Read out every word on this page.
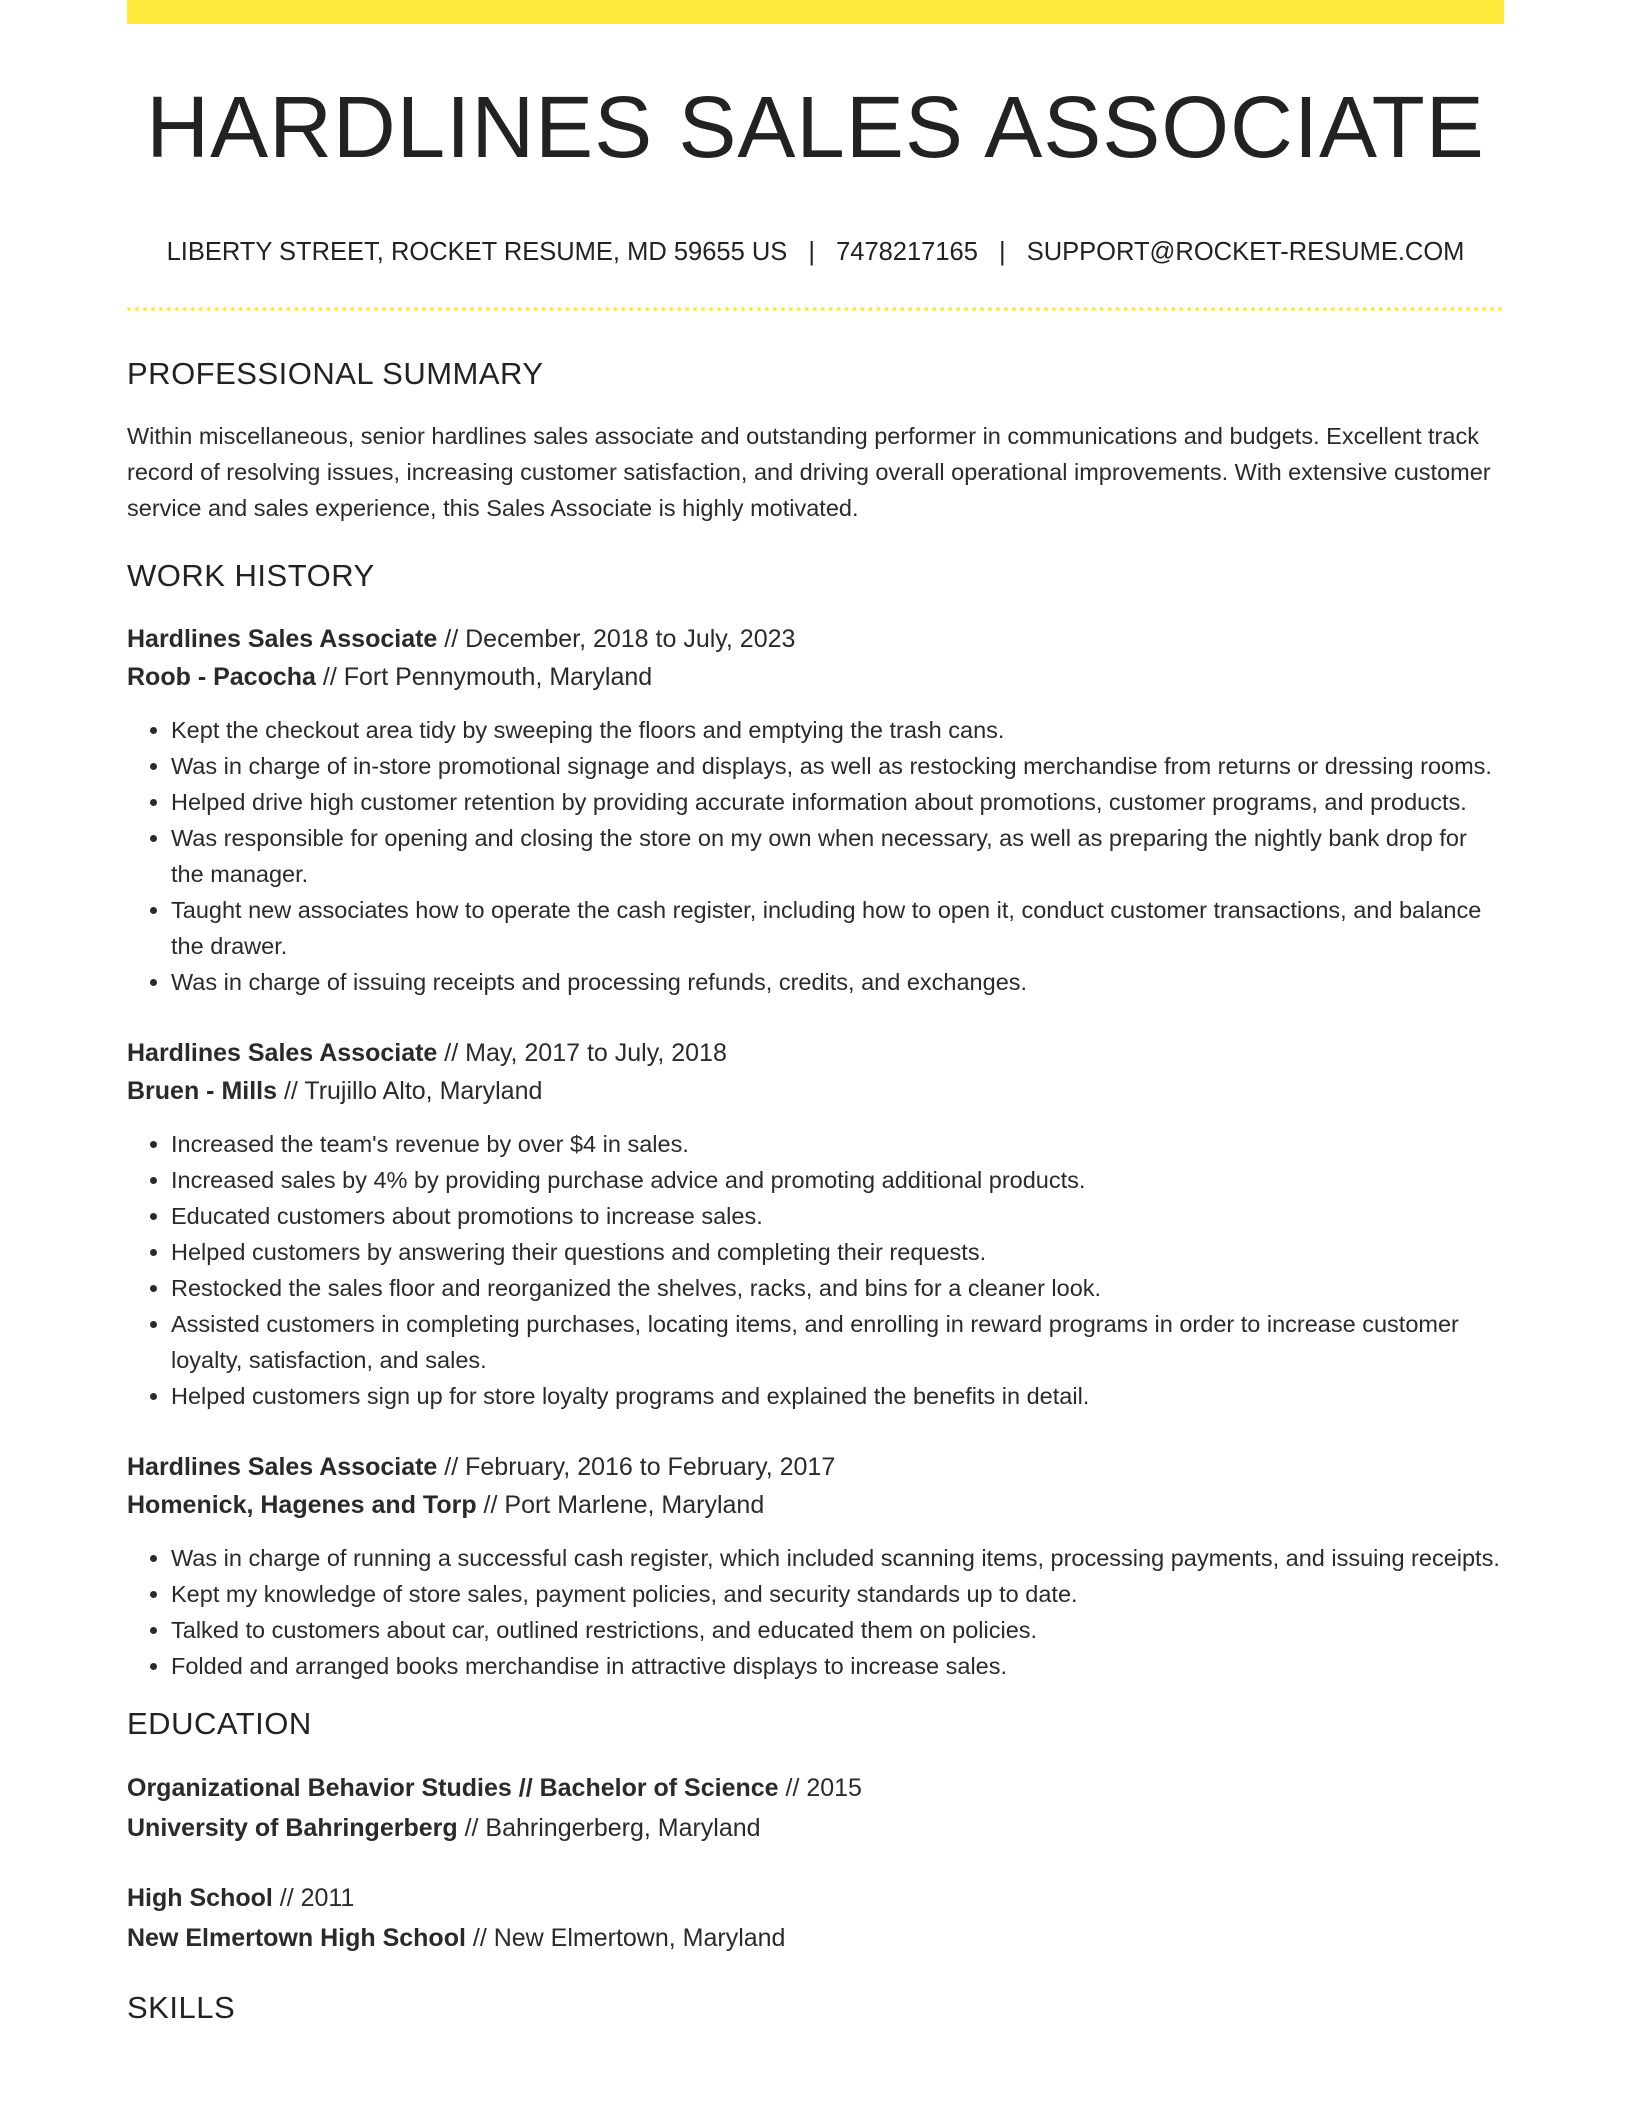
HARDLINES SALES ASSOCIATE
LIBERTY STREET, ROCKET RESUME, MD 59655 US | 7478217165 | SUPPORT@ROCKET-RESUME.COM
PROFESSIONAL SUMMARY

Within miscellaneous, senior hardlines sales associate and outstanding performer in communications and budgets. Excellent track record of resolving issues, increasing customer satisfaction, and driving overall operational improvements. With extensive customer service and sales experience, this Sales Associate is highly motivated.

WORK HISTORY
Hardlines Sales Associate // December, 2018 to July, 2023
Roob - Pacocha // Fort Pennymouth, Maryland
• Kept the checkout area tidy by sweeping the floors and emptying the trash cans.
• Was in charge of in-store promotional signage and displays, as well as restocking merchandise from returns or dressing rooms.
• Helped drive high customer retention by providing accurate information about promotions, customer programs, and products.
• Was responsible for opening and closing the store on my own when necessary, as well as preparing the nightly bank drop for the manager.
• Taught new associates how to operate the cash register, including how to open it, conduct customer transactions, and balance the drawer.
• Was in charge of issuing receipts and processing refunds, credits, and exchanges.
Hardlines Sales Associate // May, 2017 to July, 2018
Bruen - Mills // Trujillo Alto, Maryland
• Increased the team's revenue by over $4 in sales.
• Increased sales by 4% by providing purchase advice and promoting additional products.
• Educated customers about promotions to increase sales.
• Helped customers by answering their questions and completing their requests.
• Restocked the sales floor and reorganized the shelves, racks, and bins for a cleaner look.
• Assisted customers in completing purchases, locating items, and enrolling in reward programs in order to increase customer loyalty, satisfaction, and sales.
• Helped customers sign up for store loyalty programs and explained the benefits in detail.
Hardlines Sales Associate // February, 2016 to February, 2017
Homenick, Hagenes and Torp // Port Marlene, Maryland
• Was in charge of running a successful cash register, which included scanning items, processing payments, and issuing receipts.
• Kept my knowledge of store sales, payment policies, and security standards up to date.
• Talked to customers about car, outlined restrictions, and educated them on policies.
• Folded and arranged books merchandise in attractive displays to increase sales.
EDUCATION
Organizational Behavior Studies // Bachelor of Science // 2015
University of Bahringerberg // Bahringerberg, Maryland
High School // 2011
New Elmertown High School // New Elmertown, Maryland
SKILLS
